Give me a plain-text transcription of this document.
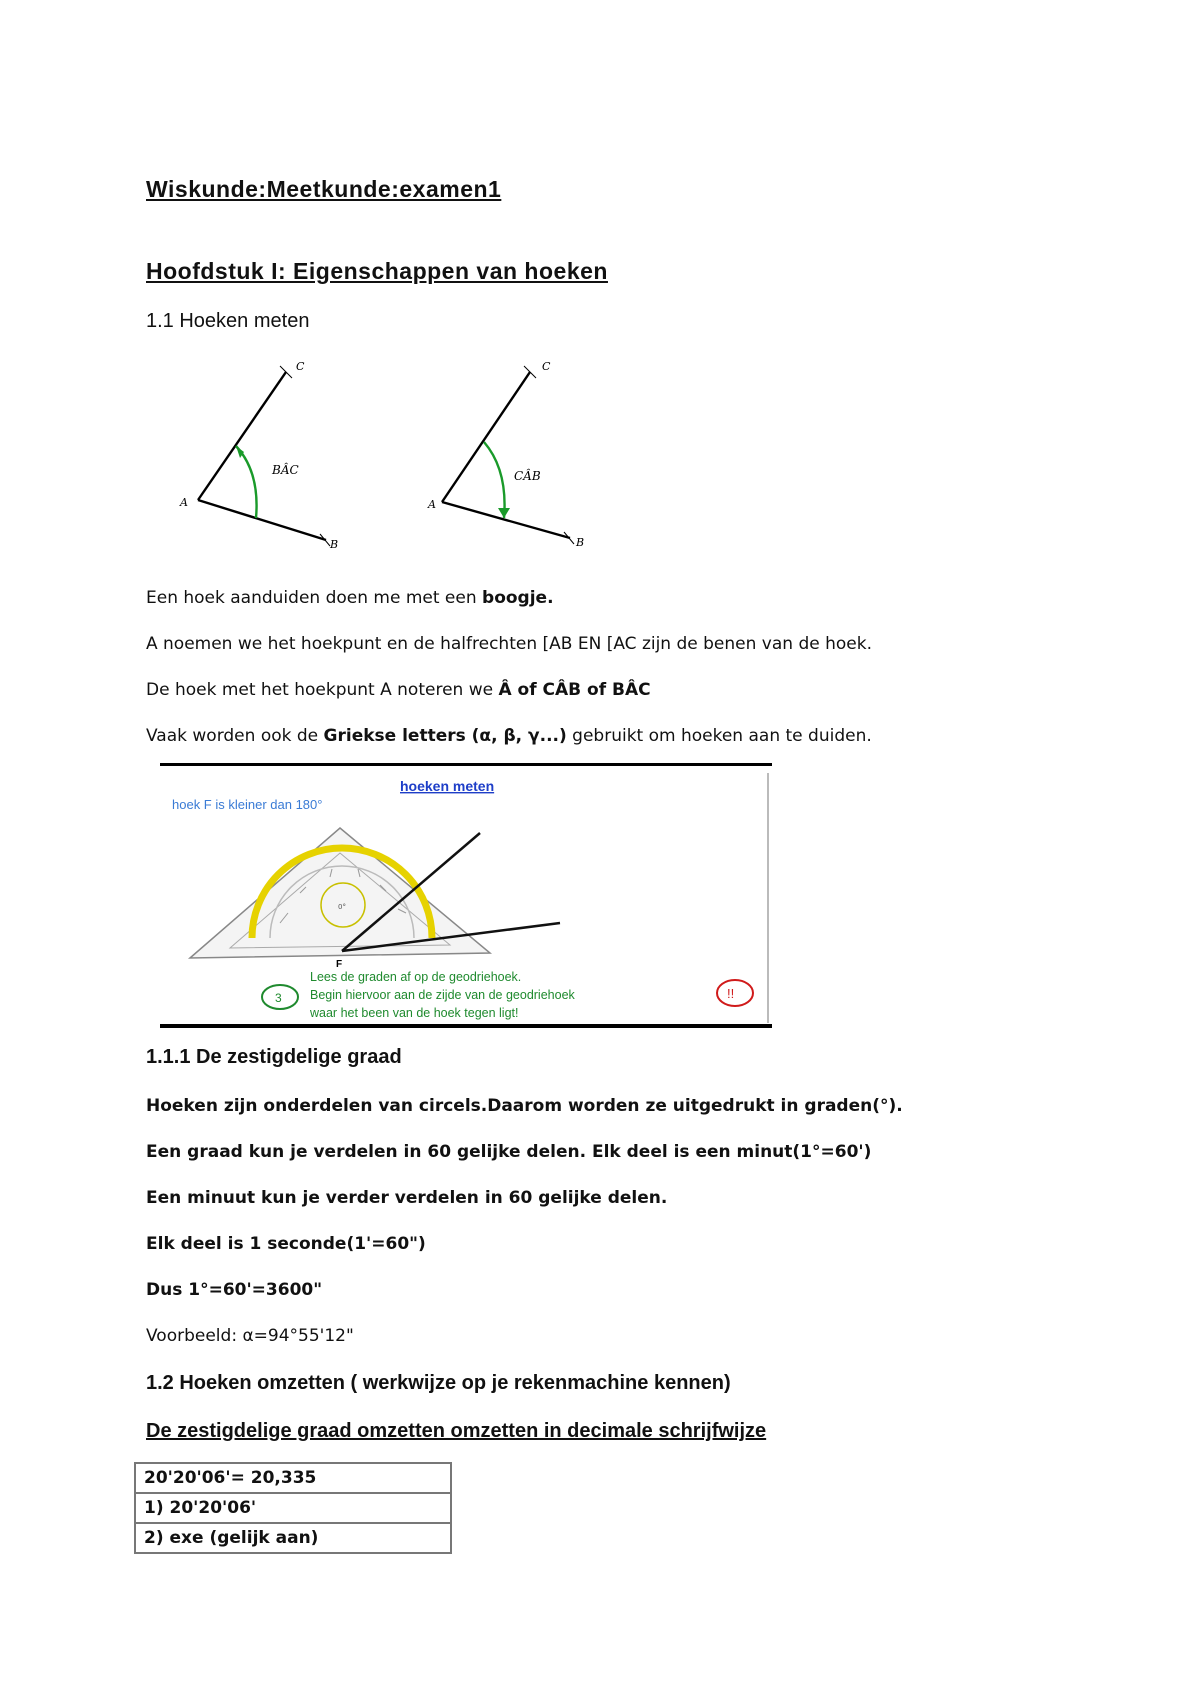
Wiskunde:Meetkunde:examen1
Hoofdstuk I: Eigenschappen van hoeken
1.1 Hoeken meten
A
C
B
BÂC
A
C
B
CÂB
Een hoek aanduiden doen me met een boogje.
A noemen we het hoekpunt en de halfrechten [AB EN [AC zijn de benen van de hoek.
De hoek met het hoekpunt A noteren we Â of CÂB of BÂC
Vaak worden ook de Griekse letters (α, β, γ...) gebruikt om hoeken aan te duiden.
hoeken meten
hoek F is kleiner dan 180°
0°
F
3
Lees de graden af op de geodriehoek.
Begin hiervoor aan de zijde van de geodriehoek
waar het been van de hoek tegen ligt!
!!
1.1.1 De zestigdelige graad
Hoeken zijn onderdelen van circels.Daarom worden ze uitgedrukt in graden(°).
Een graad kun je verdelen in 60 gelijke delen. Elk deel is een minut(1°=60')
Een minuut kun je verder verdelen in 60 gelijke delen.
Elk deel is 1 seconde(1'=60")
Dus 1°=60'=3600"
Voorbeeld: α=94°55'12"
1.2 Hoeken omzetten ( werkwijze op je rekenmachine kennen)
De zestigdelige graad omzetten omzetten in decimale schrijfwijze
20'20'06'= 20,335
1) 20'20'06'
2) exe (gelijk aan)
